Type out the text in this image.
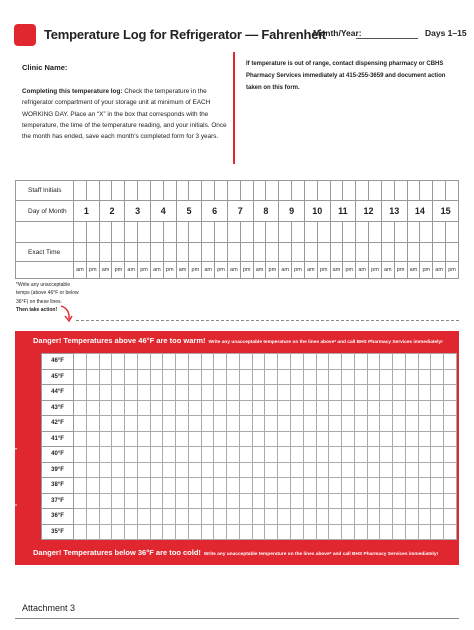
Temperature Log for Refrigerator — Fahrenheit
Month/Year:	Days 1–15
Clinic Name:
Completing this temperature log: Check the temperature in the refrigerator compartment of your storage unit at minimum of EACH WORKING DAY. Place an “X” in the box that corresponds with the temperature, the time of the temperature reading, and your initials. Once the month has ended, save each month's completed form for 3 years.
If temperature is out of range, contact dispensing pharmacy or CBHS Pharmacy Services immediately at 415-255-3659 and document action taken on this form.
Staff Initials																														
Day of Month	1		2		3		4		5		6		7		8		9		10		11		12		13		14		15	

Exact Time																														
	am	pm	am	pm	am	pm	am	pm	am	pm	am	pm	am	pm	am	pm	am	pm	am	pm	am	pm	am	pm	am	pm	am	pm	am	pm
*Write any unacceptable
temps (above 46°F or below
36°F) on these lines.
Then take action!
Danger! Temperatures above 46°F are too warm! Write any unacceptable temperature on the lines above* and call BHS Pharmacy Services immediately!
Acceptable Temperatures
46°F																														
45°F																														
44°F																														
43°F																														
42°F																														
41°F																														
40°F																														
39°F																														
38°F																														
37°F																														
36°F																														
35°F																														
Danger! Temperatures below 36°F are too cold! Write any unacceptable temperature on the lines above* and call BHS Pharmacy Services immediately!
Attachment 3
